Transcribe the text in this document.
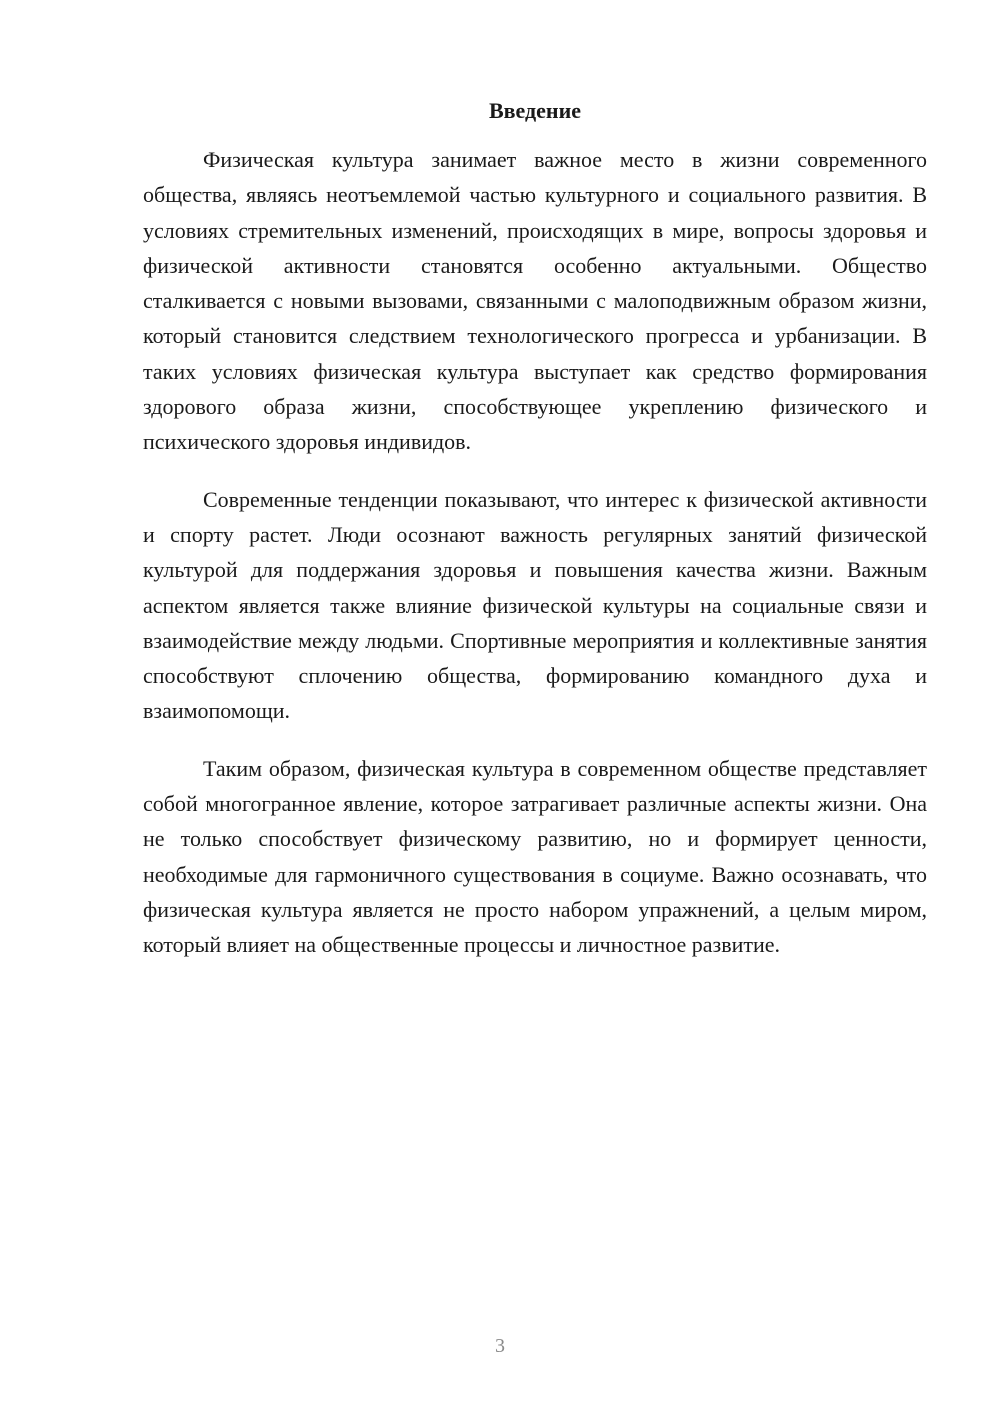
Введение

Физическая культура занимает важное место в жизни современного общества, являясь неотъемлемой частью культурного и социального развития. В условиях стремительных изменений, происходящих в мире, вопросы здоровья и физической активности становятся особенно актуальными. Общество сталкивается с новыми вызовами, связанными с малоподвижным образом жизни, который становится следствием технологического прогресса и урбанизации. В таких условиях физическая культура выступает как средство формирования здорового образа жизни, способствующее укреплению физического и психического здоровья индивидов.

Современные тенденции показывают, что интерес к физической активности и спорту растет. Люди осознают важность регулярных занятий физической культурой для поддержания здоровья и повышения качества жизни. Важным аспектом является также влияние физической культуры на социальные связи и взаимодействие между людьми. Спортивные мероприятия и коллективные занятия способствуют сплочению общества, формированию командного духа и взаимопомощи.

Таким образом, физическая культура в современном обществе представляет собой многогранное явление, которое затрагивает различные аспекты жизни. Она не только способствует физическому развитию, но и формирует ценности, необходимые для гармоничного существования в социуме. Важно осознавать, что физическая культура является не просто набором упражнений, а целым миром, который влияет на общественные процессы и личностное развитие.

3
